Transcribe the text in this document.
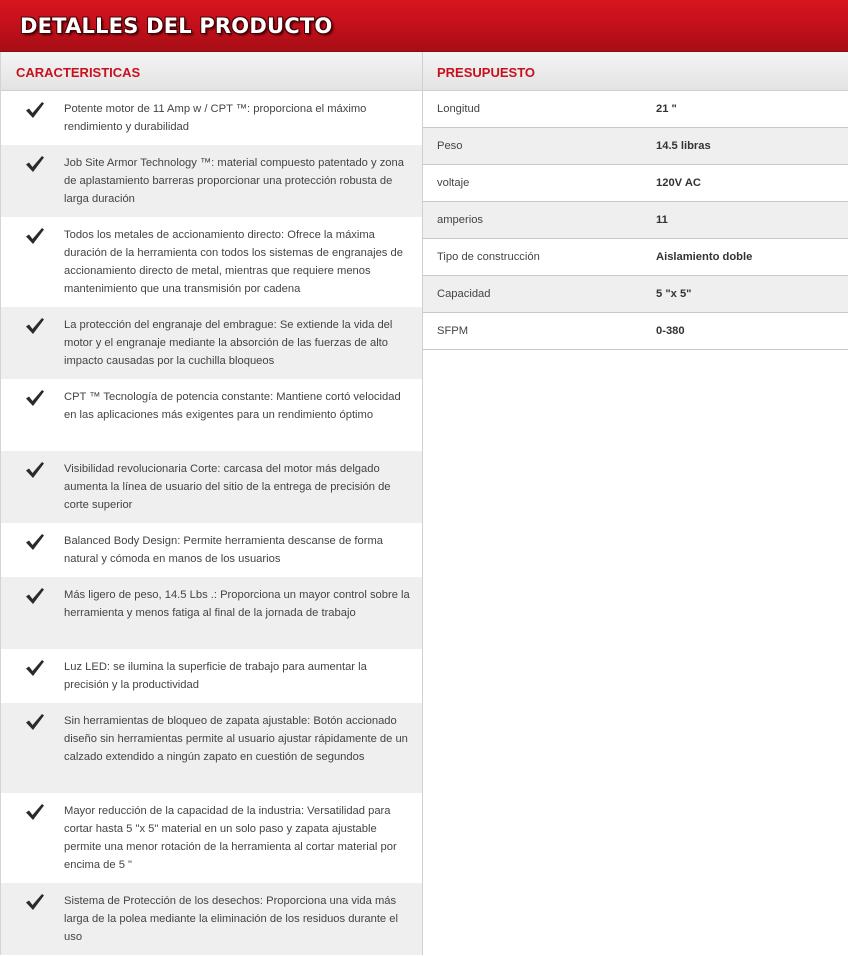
DETALLES DEL PRODUCTO
CARACTERISTICAS
Potente motor de 11 Amp w / CPT ™: proporciona el máximo rendimiento y durabilidad
Job Site Armor Technology ™: material compuesto patentado y zona de aplastamiento barreras proporcionar una protección robusta de larga duración
Todos los metales de accionamiento directo: Ofrece la máxima duración de la herramienta con todos los sistemas de engranajes de accionamiento directo de metal, mientras que requiere menos mantenimiento que una transmisión por cadena
La protección del engranaje del embrague: Se extiende la vida del motor y el engranaje mediante la absorción de las fuerzas de alto impacto causadas por la cuchilla bloqueos
CPT ™ Tecnología de potencia constante: Mantiene cortó velocidad en las aplicaciones más exigentes para un rendimiento óptimo
Visibilidad revolucionaria Corte: carcasa del motor más delgado aumenta la línea de usuario del sitio de la entrega de precisión de corte superior
Balanced Body Design: Permite herramienta descanse de forma natural y cómoda en manos de los usuarios
Más ligero de peso, 14.5 Lbs .: Proporciona un mayor control sobre la herramienta y menos fatiga al final de la jornada de trabajo
Luz LED: se ilumina la superficie de trabajo para aumentar la precisión y la productividad
Sin herramientas de bloqueo de zapata ajustable: Botón accionado diseño sin herramientas permite al usuario ajustar rápidamente de un calzado extendido a ningún zapato en cuestión de segundos
Mayor reducción de la capacidad de la industria: Versatilidad para cortar hasta 5 "x 5" material en un solo paso y zapata ajustable permite una menor rotación de la herramienta al cortar material por encima de 5 "
Sistema de Protección de los desechos: Proporciona una vida más larga de la polea mediante la eliminación de los residuos durante el uso
PRESUPUESTO
Longitud	21 "
Peso	14.5 libras
voltaje	120V AC
amperios	11
Tipo de construcción	Aislamiento doble
Capacidad	5 "x 5"
SFPM	0-380
